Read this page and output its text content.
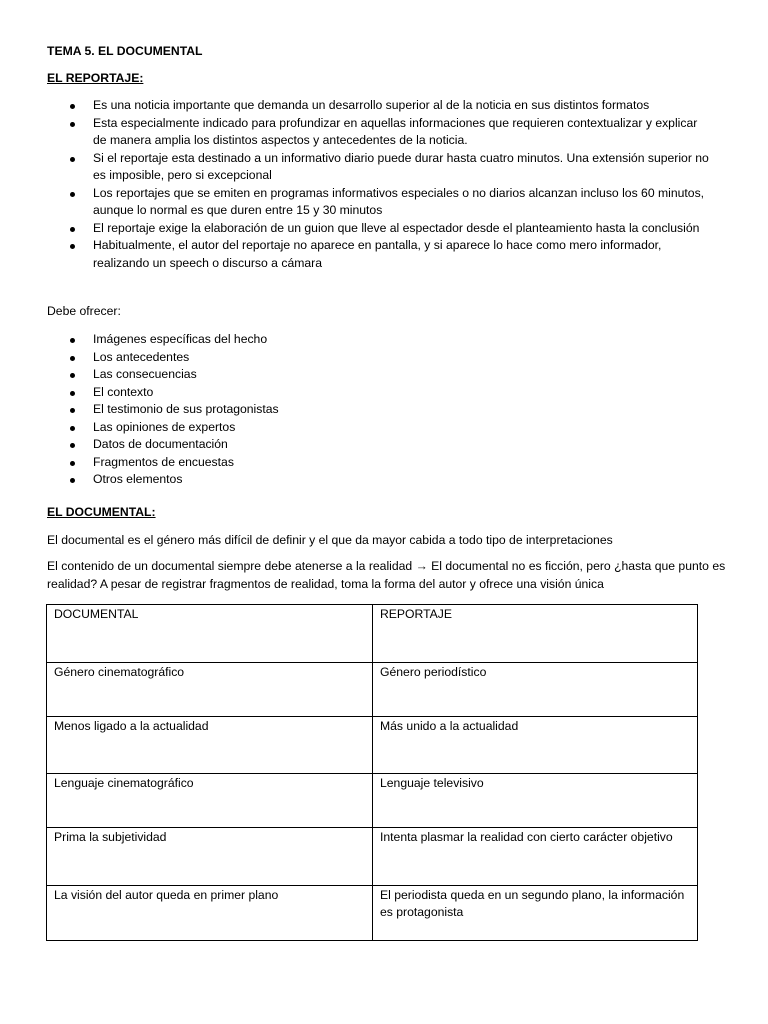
TEMA 5. EL DOCUMENTAL
EL REPORTAJE:
Es una noticia importante que demanda un desarrollo superior al de la noticia en sus distintos formatos
Esta especialmente indicado para profundizar en aquellas informaciones que requieren contextualizar y explicar de manera amplia los distintos aspectos y antecedentes de la noticia.
Si el reportaje esta destinado a un informativo diario puede durar hasta cuatro minutos. Una extensión superior no es imposible, pero si excepcional
Los reportajes que se emiten en programas informativos especiales o no diarios alcanzan incluso los 60 minutos, aunque lo normal es que duren entre 15 y 30 minutos
El reportaje exige la elaboración de un guion que lleve al espectador desde el planteamiento hasta la conclusión
Habitualmente, el autor del reportaje no aparece en pantalla, y si aparece lo hace como mero informador, realizando un speech o discurso a cámara
Debe ofrecer:
Imágenes específicas del hecho
Los antecedentes
Las consecuencias
El contexto
El testimonio de sus protagonistas
Las opiniones de expertos
Datos de documentación
Fragmentos de encuestas
Otros elementos
EL DOCUMENTAL:

El documental es el género más difícil de definir y el que da mayor cabida a todo tipo de interpretaciones

El contenido de un documental siempre debe atenerse a la realidad → El documental no es ficción, pero ¿hasta que punto es realidad? A pesar de registrar fragmentos de realidad, toma la forma del autor y ofrece una visión única

DOCUMENTAL	REPORTAJE
Género cinematográfico	Género periodístico
Menos ligado a la actualidad	Más unido a la actualidad
Lenguaje cinematográfico	Lenguaje televisivo
Prima la subjetividad	Intenta plasmar la realidad con cierto carácter objetivo
La visión del autor queda en primer plano	El periodista queda en un segundo plano, la información es protagonista
